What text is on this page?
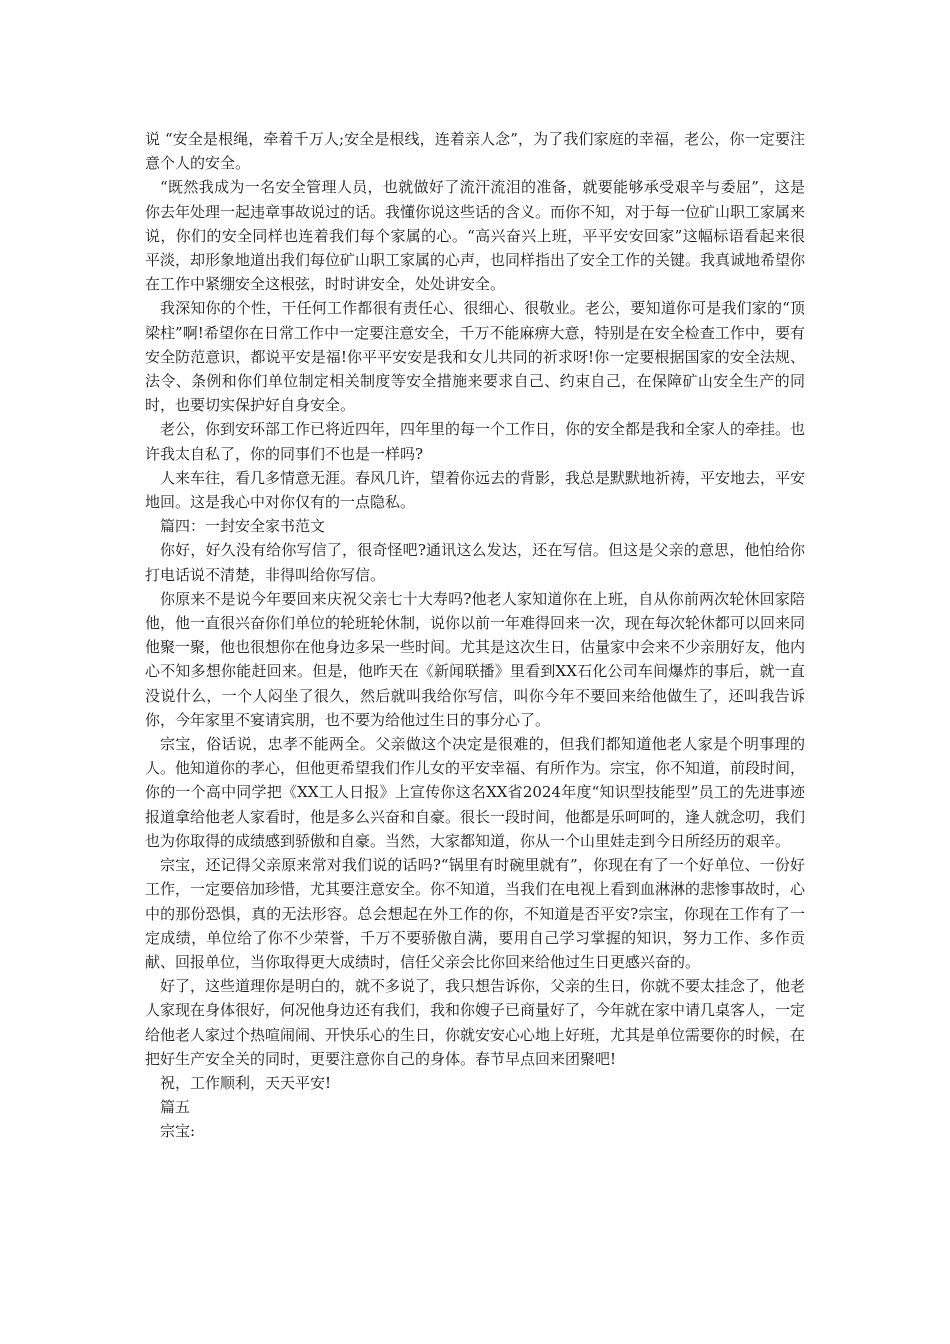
说 “安全是根绳，牵着千万人;安全是根线，连着亲人念”，为了我们家庭的幸福，老公，你一定要注意个人的安全。

“既然我成为一名安全管理人员，也就做好了流汗流泪的准备，就要能够承受艰辛与委屈”，这是你去年处理一起违章事故说过的话。我懂你说这些话的含义。而你不知，对于每一位矿山职工家属来说，你们的安全同样也连着我们每个家属的心。“高兴奋兴上班，平平安安回家”这幅标语看起来很平淡，却形象地道出我们每位矿山职工家属的心声，也同样指出了安全工作的关键。我真诚地希望你在工作中紧绷安全这根弦，时时讲安全，处处讲安全。

我深知你的个性，干任何工作都很有责任心、很细心、很敬业。老公，要知道你可是我们家的“顶梁柱”啊!希望你在日常工作中一定要注意安全，千万不能麻痹大意，特别是在安全检查工作中，要有安全防范意识，都说平安是福!你平平安安是我和女儿共同的祈求呀!你一定要根据国家的安全法规、法令、条例和你们单位制定相关制度等安全措施来要求自己、约束自己，在保障矿山安全生产的同时，也要切实保护好自身安全。

老公，你到安环部工作已将近四年，四年里的每一个工作日，你的安全都是我和全家人的牵挂。也许我太自私了，你的同事们不也是一样吗?

人来车往，看几多情意无涯。春风几许，望着你远去的背影，我总是默默地祈祷，平安地去，平安地回。这是我心中对你仅有的一点隐私。

篇四：一封安全家书范文

你好，好久没有给你写信了，很奇怪吧?通讯这么发达，还在写信。但这是父亲的意思，他怕给你打电话说不清楚，非得叫给你写信。

你原来不是说今年要回来庆祝父亲七十大寿吗?他老人家知道你在上班，自从你前两次轮休回家陪他，他一直很兴奋你们单位的轮班轮休制，说你以前一年难得回来一次，现在每次轮休都可以回来同他聚一聚，他也很想你在他身边多呆一些时间。尤其是这次生日，估量家中会来不少亲朋好友，他内心不知多想你能赶回来。但是，他昨天在《新闻联播》里看到XX石化公司车间爆炸的事后，就一直没说什么，一个人闷坐了很久，然后就叫我给你写信，叫你今年不要回来给他做生了，还叫我告诉你，今年家里不宴请宾朋，也不要为给他过生日的事分心了。

宗宝，俗话说，忠孝不能两全。父亲做这个决定是很难的，但我们都知道他老人家是个明事理的人。他知道你的孝心，但他更希望我们作儿女的平安幸福、有所作为。宗宝，你不知道，前段时间，你的一个高中同学把《XX工人日报》上宣传你这名XX省2024年度“知识型技能型”员工的先进事迹报道拿给他老人家看时，他是多么兴奋和自豪。很长一段时间，他都是乐呵呵的，逢人就念叨，我们也为你取得的成绩感到骄傲和自豪。当然，大家都知道，你从一个山里娃走到今日所经历的艰辛。

宗宝，还记得父亲原来常对我们说的话吗?“锅里有时碗里就有”，你现在有了一个好单位、一份好工作，一定要倍加珍惜，尤其要注意安全。你不知道，当我们在电视上看到血淋淋的悲惨事故时，心中的那份恐惧，真的无法形容。总会想起在外工作的你，不知道是否平安?宗宝，你现在工作有了一定成绩，单位给了你不少荣誉，千万不要骄傲自满，要用自己学习掌握的知识，努力工作、多作贡献、回报单位，当你取得更大成绩时，信任父亲会比你回来给他过生日更感兴奋的。

好了，这些道理你是明白的，就不多说了，我只想告诉你，父亲的生日，你就不要太挂念了，他老人家现在身体很好，何况他身边还有我们，我和你嫂子已商量好了，今年就在家中请几桌客人，一定给他老人家过个热喧闹闹、开快乐心的生日，你就安安心心地上好班，尤其是单位需要你的时候，在把好生产安全关的同时，更要注意你自己的身体。春节早点回来团聚吧!

祝，工作顺利，天天平安!

篇五

宗宝:
